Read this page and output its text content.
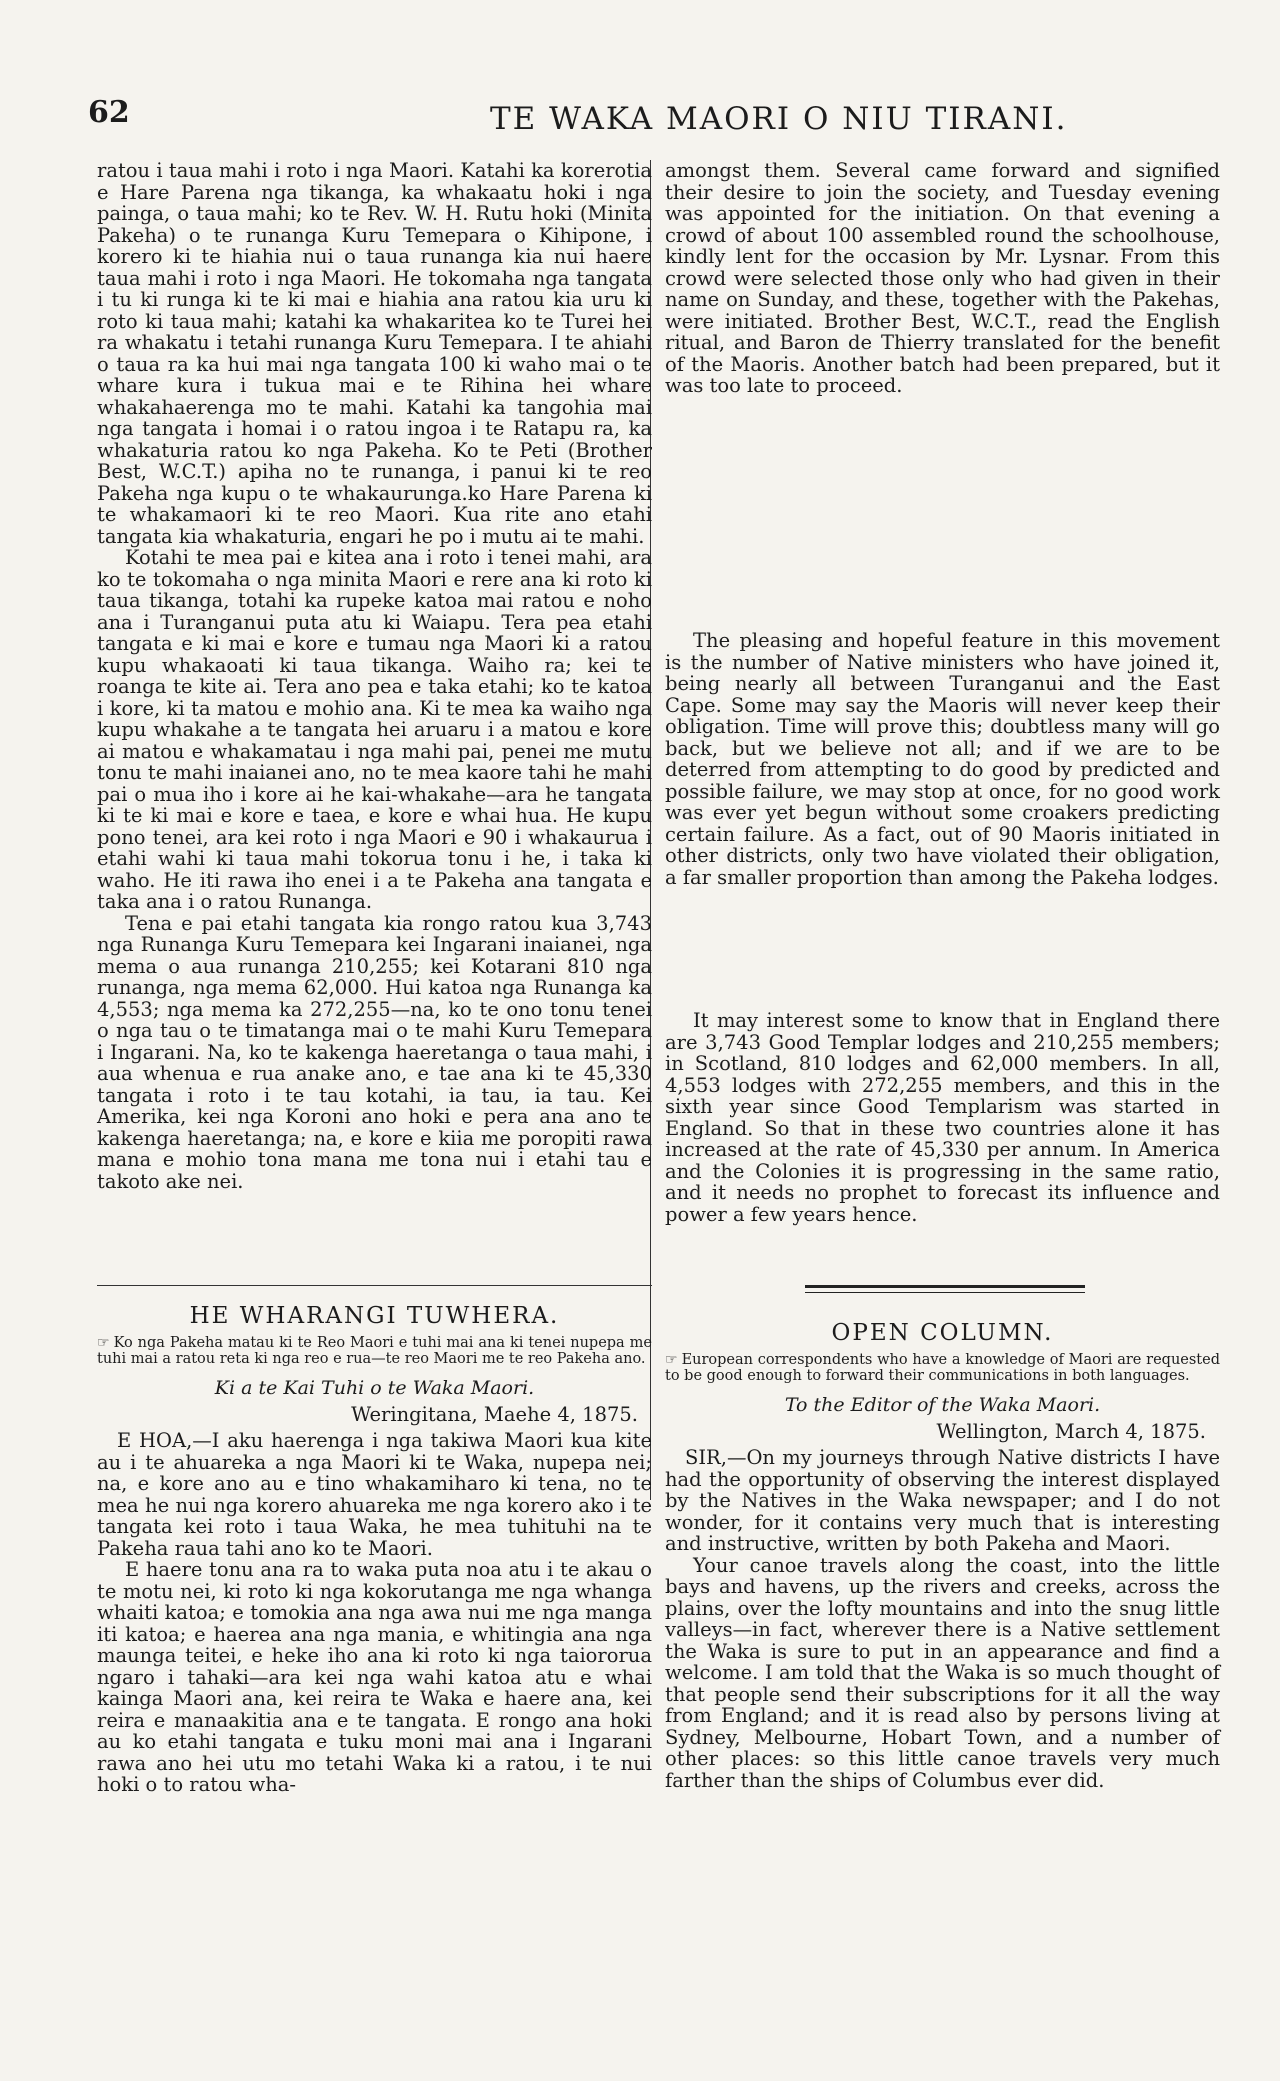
62	TE WAKA MAORI O NIU TIRANI.

ratou i taua mahi i roto i nga Maori. Katahi ka korerotia e Hare Parena nga tikanga, ka whakaatu hoki i nga painga, o taua mahi; ko te Rev. W. H. Rutu hoki (Minita Pakeha) o te runanga Kuru Temepara o Kihipone, i korero ki te hiahia nui o taua runanga kia nui haere taua mahi i roto i nga Maori. He tokomaha nga tangata i tu ki runga ki te ki mai e hiahia ana ratou kia uru ki roto ki taua mahi; katahi ka whakaritea ko te Turei hei ra whakatu i tetahi runanga Kuru Temepara. I te ahiahi o taua ra ka hui mai nga tangata 100 ki waho mai o te whare kura i tukua mai e te Rihina hei whare whakahaerenga mo te mahi. Katahi ka tangohia mai nga tangata i homai i o ratou ingoa i te Ratapu ra, ka whakaturia ratou ko nga Pakeha. Ko te Peti (Brother Best, W.C.T.) apiha no te runanga, i panui ki te reo Pakeha nga kupu o te whakaurunga.ko Hare Parena ki te whakamaori ki te reo Maori. Kua rite ano etahi tangata kia whakaturia, engari he po i mutu ai te mahi.

Kotahi te mea pai e kitea ana i roto i tenei mahi, ara ko te tokomaha o nga minita Maori e rere ana ki roto ki taua tikanga, totahi ka rupeke katoa mai ratou e noho ana i Turanganui puta atu ki Waiapu. Tera pea etahi tangata e ki mai e kore e tumau nga Maori ki a ratou kupu whakaoati ki taua tikanga. Waiho ra; kei te roanga te kite ai. Tera ano pea e taka etahi; ko te katoa i kore, ki ta matou e mohio ana. Ki te mea ka waiho nga kupu whakahe a te tangata hei aruaru i a matou e kore ai matou e whakamatau i nga mahi pai, penei me mutu tonu te mahi inaianei ano, no te mea kaore tahi he mahi pai o mua iho i kore ai he kai-whakahe—ara he tangata ki te ki mai e kore e taea, e kore e whai hua. He kupu pono tenei, ara kei roto i nga Maori e 90 i whakaurua i etahi wahi ki taua mahi tokorua tonu i he, i taka ki waho. He iti rawa iho enei i a te Pakeha ana tangata e taka ana i o ratou Runanga.

Tena e pai etahi tangata kia rongo ratou kua 3,743 nga Runanga Kuru Temepara kei Ingarani inaianei, nga mema o aua runanga 210,255; kei Kotarani 810 nga runanga, nga mema 62,000. Hui katoa nga Runanga ka 4,553; nga mema ka 272,255—na, ko te ono tonu tenei o nga tau o te timatanga mai o te mahi Kuru Temepara i Ingarani. Na, ko te kakenga haeretanga o taua mahi, i aua whenua e rua anake ano, e tae ana ki te 45,330 tangata i roto i te tau kotahi, ia tau, ia tau. Kei Amerika, kei nga Koroni ano hoki e pera ana ano te kakenga haeretanga; na, e kore e kiia me poropiti rawa mana e mohio tona mana me tona nui i etahi tau e takoto ake nei.

HE WHARANGI TUWHERA.
☞ Ko nga Pakeha matau ki te Reo Maori e tuhi mai ana ki tenei nupepa me tuhi mai a ratou reta ki nga reo e rua—te reo Maori me te reo Pakeha ano.
Ki a te Kai Tuhi o te Waka Maori.
Weringitana, Maehe 4, 1875.

E HOA,—I aku haerenga i nga takiwa Maori kua kite au i te ahuareka a nga Maori ki te Waka, nupepa nei; na, e kore ano au e tino whakamiharo ki tena, no te mea he nui nga korero ahuareka me nga korero ako i te tangata kei roto i taua Waka, he mea tuhituhi na te Pakeha raua tahi ano ko te Maori.

E haere tonu ana ra to waka puta noa atu i te akau o te motu nei, ki roto ki nga kokorutanga me nga whanga whaiti katoa; e tomokia ana nga awa nui me nga manga iti katoa; e haerea ana nga mania, e whitingia ana nga maunga teitei, e heke iho ana ki roto ki nga taiororua ngaro i tahaki—ara kei nga wahi katoa atu e whai kainga Maori ana, kei reira te Waka e haere ana, kei reira e manaakitia ana e te tangata. E rongo ana hoki au ko etahi tangata e tuku moni mai ana i Ingarani rawa ano hei utu mo tetahi Waka ki a ratou, i te nui hoki o to ratou wha-

amongst them. Several came forward and signified their desire to join the society, and Tuesday evening was appointed for the initiation. On that evening a crowd of about 100 assembled round the schoolhouse, kindly lent for the occasion by Mr. Lysnar. From this crowd were selected those only who had given in their name on Sunday, and these, together with the Pakehas, were initiated. Brother Best, W.C.T., read the English ritual, and Baron de Thierry translated for the benefit of the Maoris. Another batch had been prepared, but it was too late to proceed.

The pleasing and hopeful feature in this movement is the number of Native ministers who have joined it, being nearly all between Turanganui and the East Cape. Some may say the Maoris will never keep their obligation. Time will prove this; doubtless many will go back, but we believe not all; and if we are to be deterred from attempting to do good by predicted and possible failure, we may stop at once, for no good work was ever yet begun without some croakers predicting certain failure. As a fact, out of 90 Maoris initiated in other districts, only two have violated their obligation, a far smaller proportion than among the Pakeha lodges.

It may interest some to know that in England there are 3,743 Good Templar lodges and 210,255 members; in Scotland, 810 lodges and 62,000 members. In all, 4,553 lodges with 272,255 members, and this in the sixth year since Good Templarism was started in England. So that in these two countries alone it has increased at the rate of 45,330 per annum. In America and the Colonies it is progressing in the same ratio, and it needs no prophet to forecast its influence and power a few years hence.

OPEN COLUMN.
☞ European correspondents who have a knowledge of Maori are requested to be good enough to forward their communications in both languages.
To the Editor of the Waka Maori.
Wellington, March 4, 1875.

SIR,—On my journeys through Native districts I have had the opportunity of observing the interest displayed by the Natives in the Waka newspaper; and I do not wonder, for it contains very much that is interesting and instructive, written by both Pakeha and Maori.

Your canoe travels along the coast, into the little bays and havens, up the rivers and creeks, across the plains, over the lofty mountains and into the snug little valleys—in fact, wherever there is a Native settlement the Waka is sure to put in an appearance and find a welcome. I am told that the Waka is so much thought of that people send their subscriptions for it all the way from England; and it is read also by persons living at Sydney, Melbourne, Hobart Town, and a number of other places: so this little canoe travels very much farther than the ships of Columbus ever did.
